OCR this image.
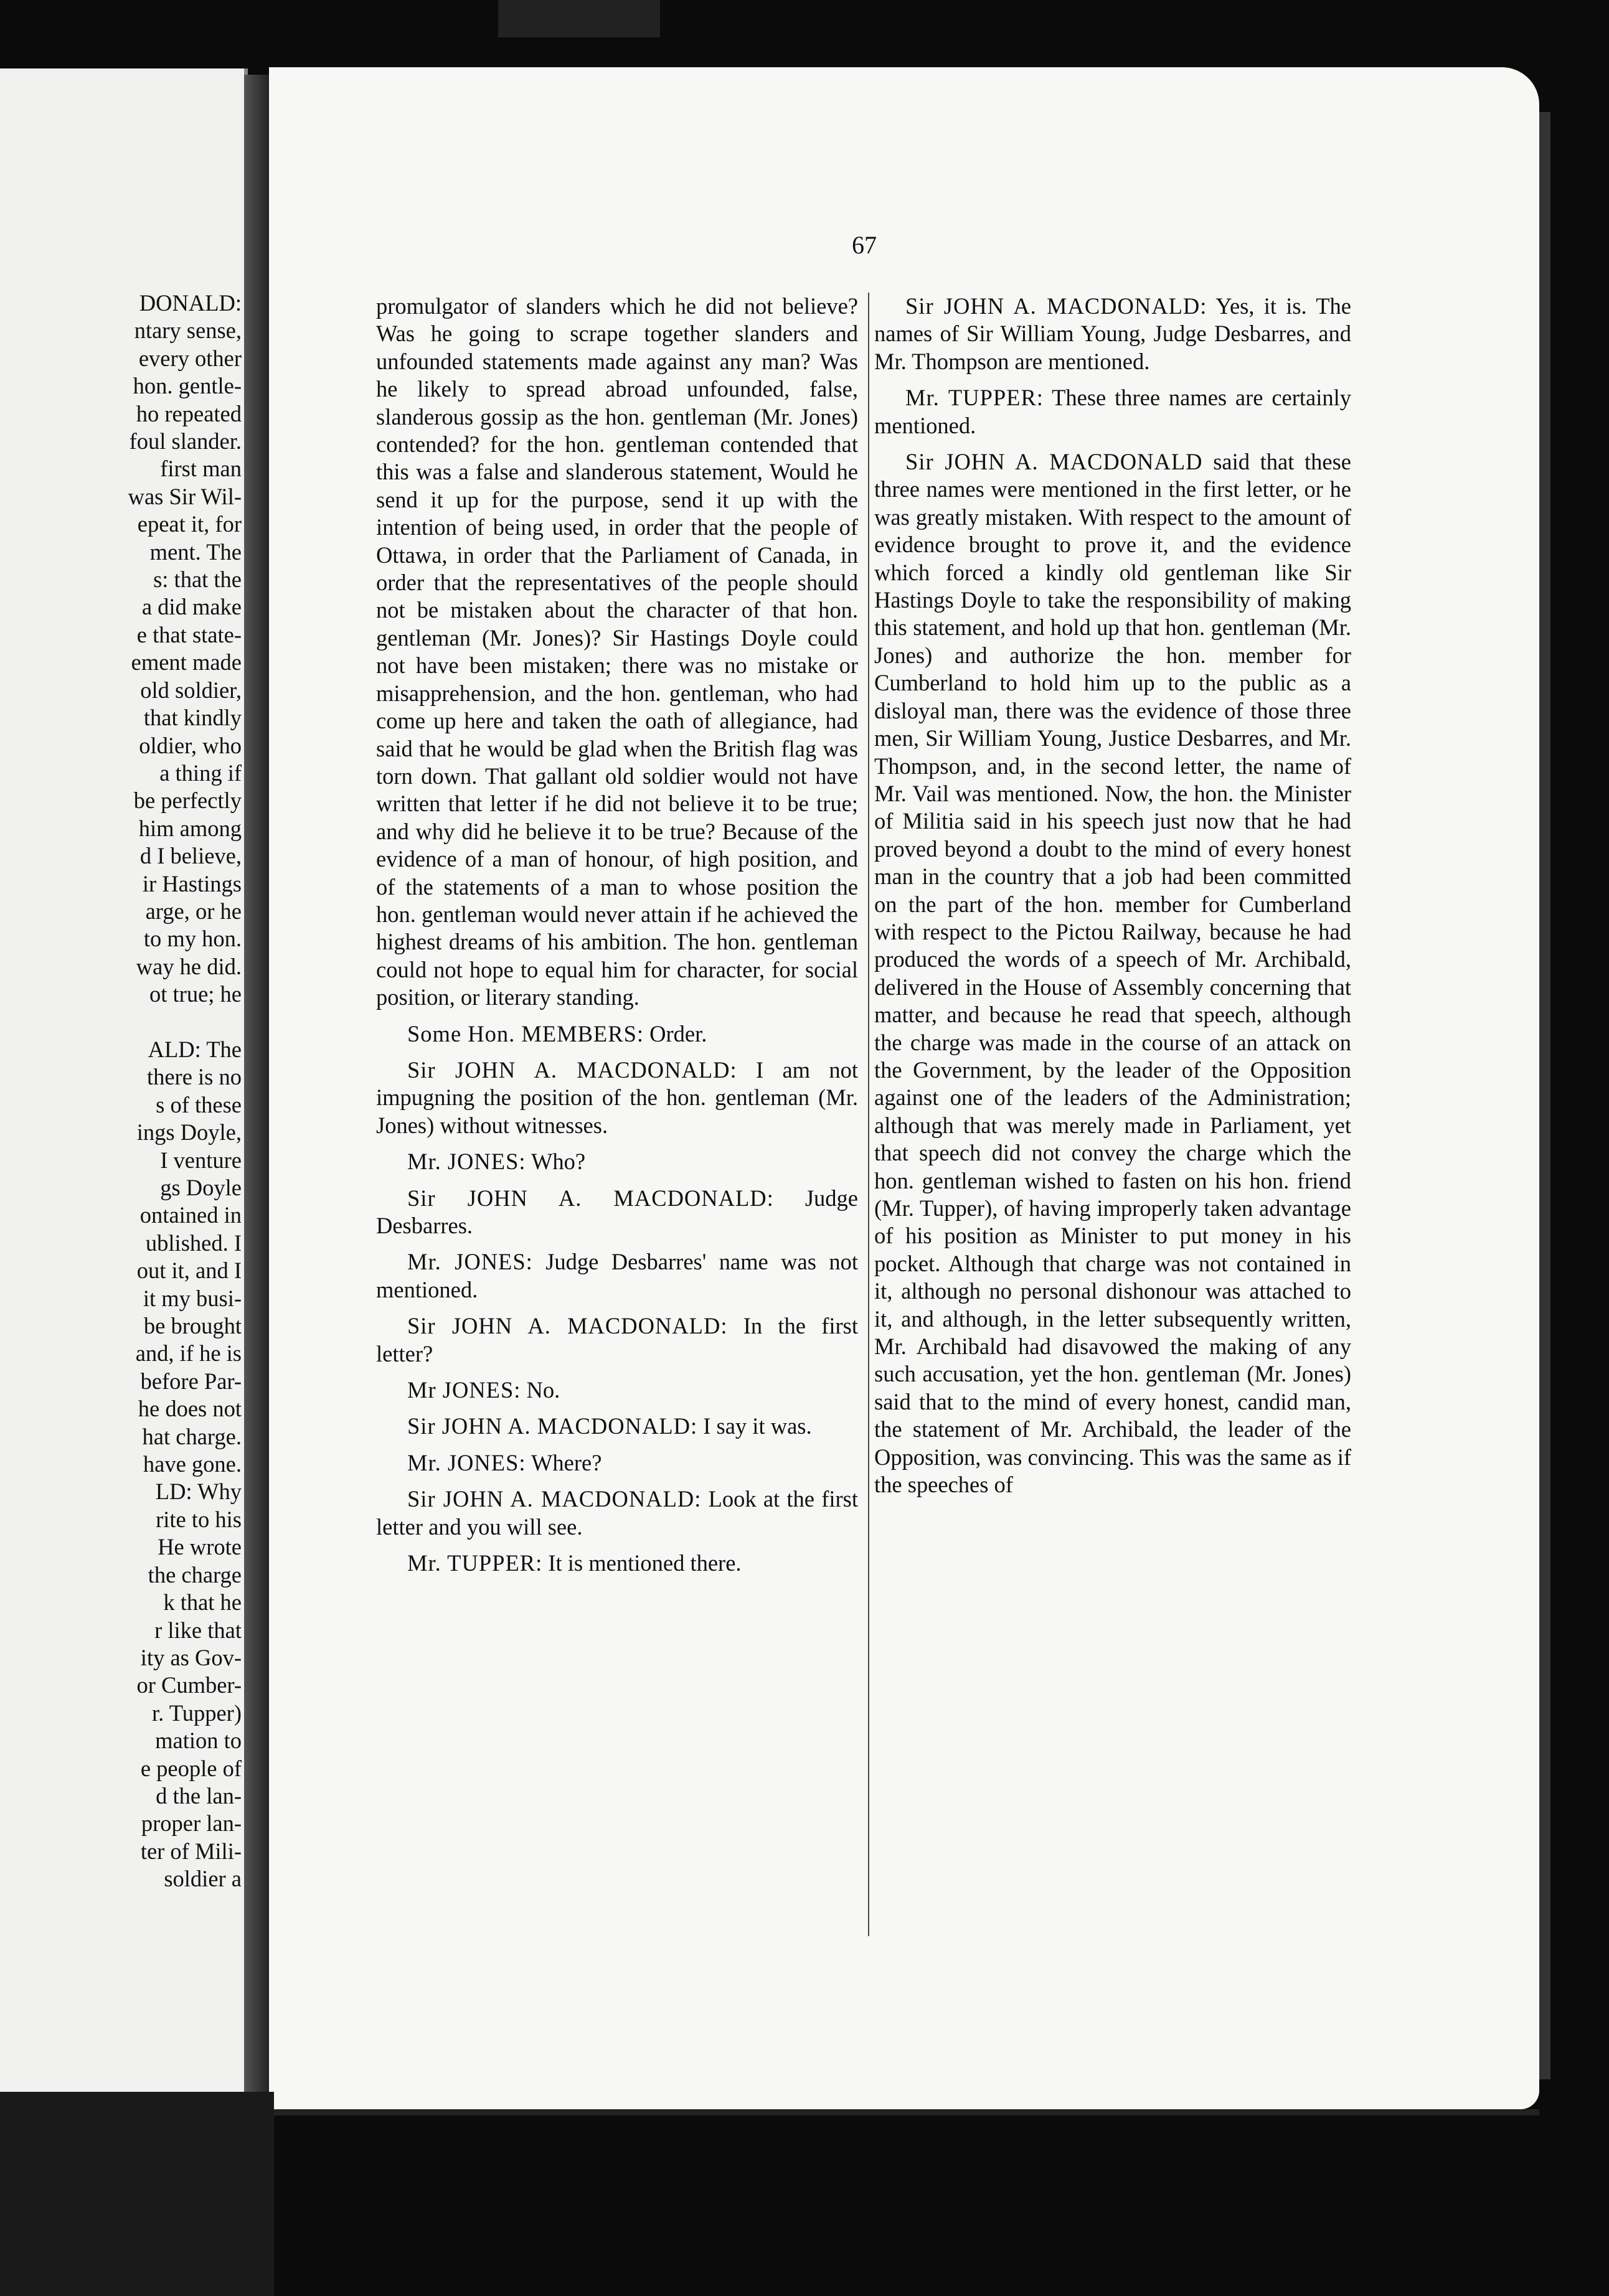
DONALD:
ntary sense,
every other
hon. gentle-
ho repeated
foul slander.
first man
was Sir Wil-
epeat it, for
ment. The
s: that the
a did make
e that state-
ement made
old soldier,
that kindly
oldier, who
a thing if
be perfectly
him among
d I believe,
ir Hastings
arge, or he
to my hon.
way he did.
ot true; he

ALD: The
there is no
s of these
ings Doyle,
I venture
gs Doyle
ontained in
ublished. I
out it, and I
it my busi-
be brought
and, if he is
before Par-
he does not
hat charge.
have gone.
LD: Why
rite to his
He wrote
the charge
k that he
r like that
ity as Gov-
or Cumber-
r. Tupper)
mation to
e people of
d the lan-
proper lan-
ter of Mili-
soldier a
67

promulgator of slanders which he did not believe? Was he going to scrape together slanders and unfounded statements made against any man? Was he likely to spread abroad unfounded, false, slanderous gossip as the hon. gentleman (Mr. Jones) contended? for the hon. gentleman contended that this was a false and slanderous statement, Would he send it up for the purpose, send it up with the intention of being used, in order that the people of Ottawa, in order that the Parliament of Canada, in order that the representatives of the people should not be mistaken about the character of that hon. gentleman (Mr. Jones)? Sir Hastings Doyle could not have been mistaken; there was no mistake or misapprehension, and the hon. gentleman, who had come up here and taken the oath of allegiance, had said that he would be glad when the British flag was torn down. That gallant old soldier would not have written that letter if he did not believe it to be true; and why did he believe it to be true? Because of the evidence of a man of honour, of high position, and of the statements of a man to whose position the hon. gentleman would never attain if he achieved the highest dreams of his ambition. The hon. gentleman could not hope to equal him for character, for social position, or literary standing.

Some Hon. MEMBERS: Order.

Sir JOHN A. MACDONALD: I am not impugning the position of the hon. gentleman (Mr. Jones) without witnesses.

Mr. JONES: Who?

Sir JOHN A. MACDONALD: Judge Desbarres.

Mr. JONES: Judge Desbarres' name was not mentioned.

Sir JOHN A. MACDONALD: In the first letter?

Mr JONES: No.

Sir JOHN A. MACDONALD: I say it was.

Mr. JONES: Where?

Sir JOHN A. MACDONALD: Look at the first letter and you will see.

Mr. TUPPER: It is mentioned there.

Sir JOHN A. MACDONALD: Yes, it is. The names of Sir William Young, Judge Desbarres, and Mr. Thompson are mentioned.

Mr. TUPPER: These three names are certainly mentioned.

Sir JOHN A. MACDONALD said that these three names were mentioned in the first letter, or he was greatly mistaken. With respect to the amount of evidence brought to prove it, and the evidence which forced a kindly old gentleman like Sir Hastings Doyle to take the responsibility of making this statement, and hold up that hon. gentleman (Mr. Jones) and authorize the hon. member for Cumberland to hold him up to the public as a disloyal man, there was the evidence of those three men, Sir William Young, Justice Desbarres, and Mr. Thompson, and, in the second letter, the name of Mr. Vail was mentioned. Now, the hon. the Minister of Militia said in his speech just now that he had proved beyond a doubt to the mind of every honest man in the country that a job had been committed on the part of the hon. member for Cumberland with respect to the Pictou Railway, because he had produced the words of a speech of Mr. Archibald, delivered in the House of Assembly concerning that matter, and because he read that speech, although the charge was made in the course of an attack on the Government, by the leader of the Opposition against one of the leaders of the Administration; although that was merely made in Parliament, yet that speech did not convey the charge which the hon. gentleman wished to fasten on his hon. friend (Mr. Tupper), of having improperly taken advantage of his position as Minister to put money in his pocket. Although that charge was not contained in it, although no personal dishonour was attached to it, and although, in the letter subsequently written, Mr. Archibald had disavowed the making of any such accusation, yet the hon. gentleman (Mr. Jones) said that to the mind of every honest, candid man, the statement of Mr. Archibald, the leader of the Opposition, was convincing. This was the same as if the speeches of
